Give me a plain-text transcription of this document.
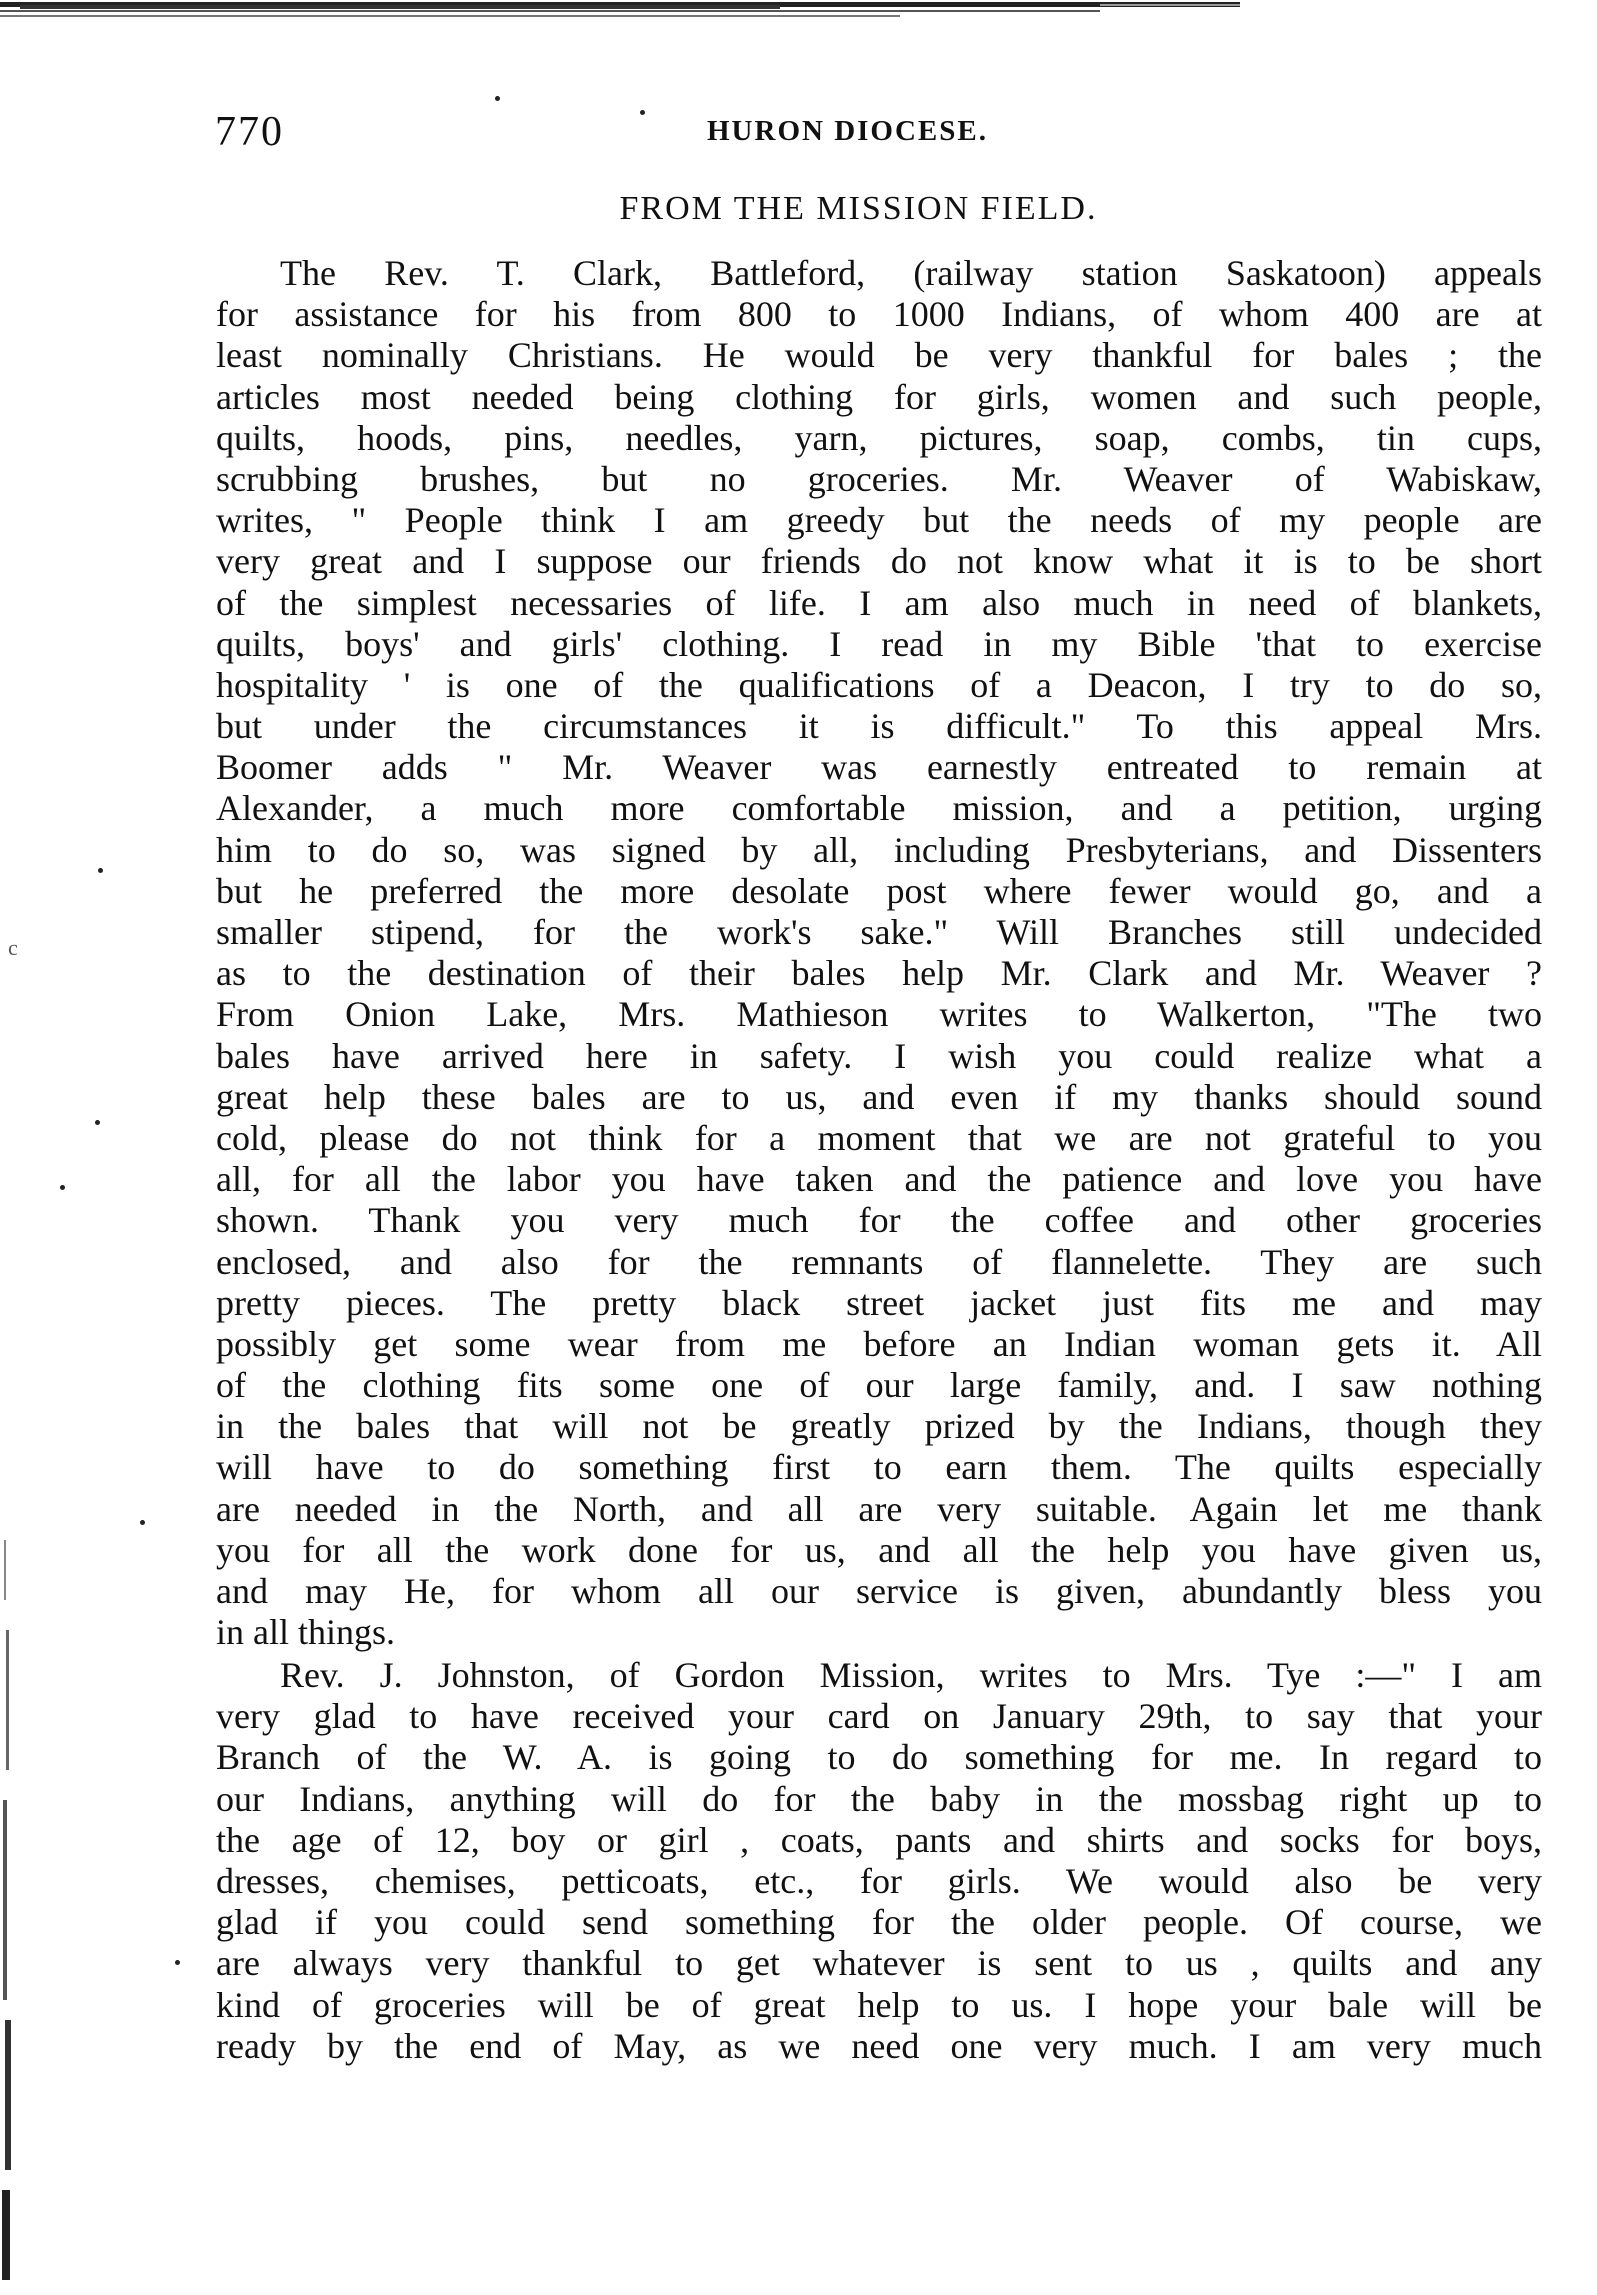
770	HURON DIOCESE.
FROM THE MISSION FIELD.
The Rev. T. Clark, Battleford, (railway station Saskatoon) appeals
for assistance for his from 800 to 1000 Indians, of whom 400 are at
least nominally Christians. He would be very thankful for bales ; the
articles most needed being clothing for girls, women and such people,
quilts, hoods, pins, needles, yarn, pictures, soap, combs, tin cups,
scrubbing brushes, but no groceries. Mr. Weaver of Wabiskaw,
writes, " People think I am greedy but the needs of my people are
very great and I suppose our friends do not know what it is to be short
of the simplest necessaries of life. I am also much in need of blankets,
quilts, boys' and girls' clothing. I read in my Bible 'that to exercise
hospitality ' is one of the qualifications of a Deacon, I try to do so,
but under the circumstances it is difficult." To this appeal Mrs.
Boomer adds " Mr. Weaver was earnestly entreated to remain at
Alexander, a much more comfortable mission, and a petition, urging
him to do so, was signed by all, including Presbyterians, and Dissenters
but he preferred the more desolate post where fewer would go, and a
smaller stipend, for the work's sake." Will Branches still undecided
as to the destination of their bales help Mr. Clark and Mr. Weaver ?
From Onion Lake, Mrs. Mathieson writes to Walkerton, "The two
bales have arrived here in safety. I wish you could realize what a
great help these bales are to us, and even if my thanks should sound
cold, please do not think for a moment that we are not grateful to you
all, for all the labor you have taken and the patience and love you have
shown. Thank you very much for the coffee and other groceries
enclosed, and also for the remnants of flannelette. They are such
pretty pieces. The pretty black street jacket just fits me and may
possibly get some wear from me before an Indian woman gets it. All
of the clothing fits some one of our large family, and. I saw nothing
in the bales that will not be greatly prized by the Indians, though they
will have to do something first to earn them. The quilts especially
are needed in the North, and all are very suitable. Again let me thank
you for all the work done for us, and all the help you have given us,
and may He, for whom all our service is given, abundantly bless you
in all things.
Rev. J. Johnston, of Gordon Mission, writes to Mrs. Tye :—" I am
very glad to have received your card on January 29th, to say that your
Branch of the W. A. is going to do something for me. In regard to
our Indians, anything will do for the baby in the mossbag right up to
the age of 12, boy or girl , coats, pants and shirts and socks for boys,
dresses, chemises, petticoats, etc., for girls. We would also be very
glad if you could send something for the older people. Of course, we
are always very thankful to get whatever is sent to us , quilts and any
kind of groceries will be of great help to us. I hope your bale will be
ready by the end of May, as we need one very much. I am very much
c
